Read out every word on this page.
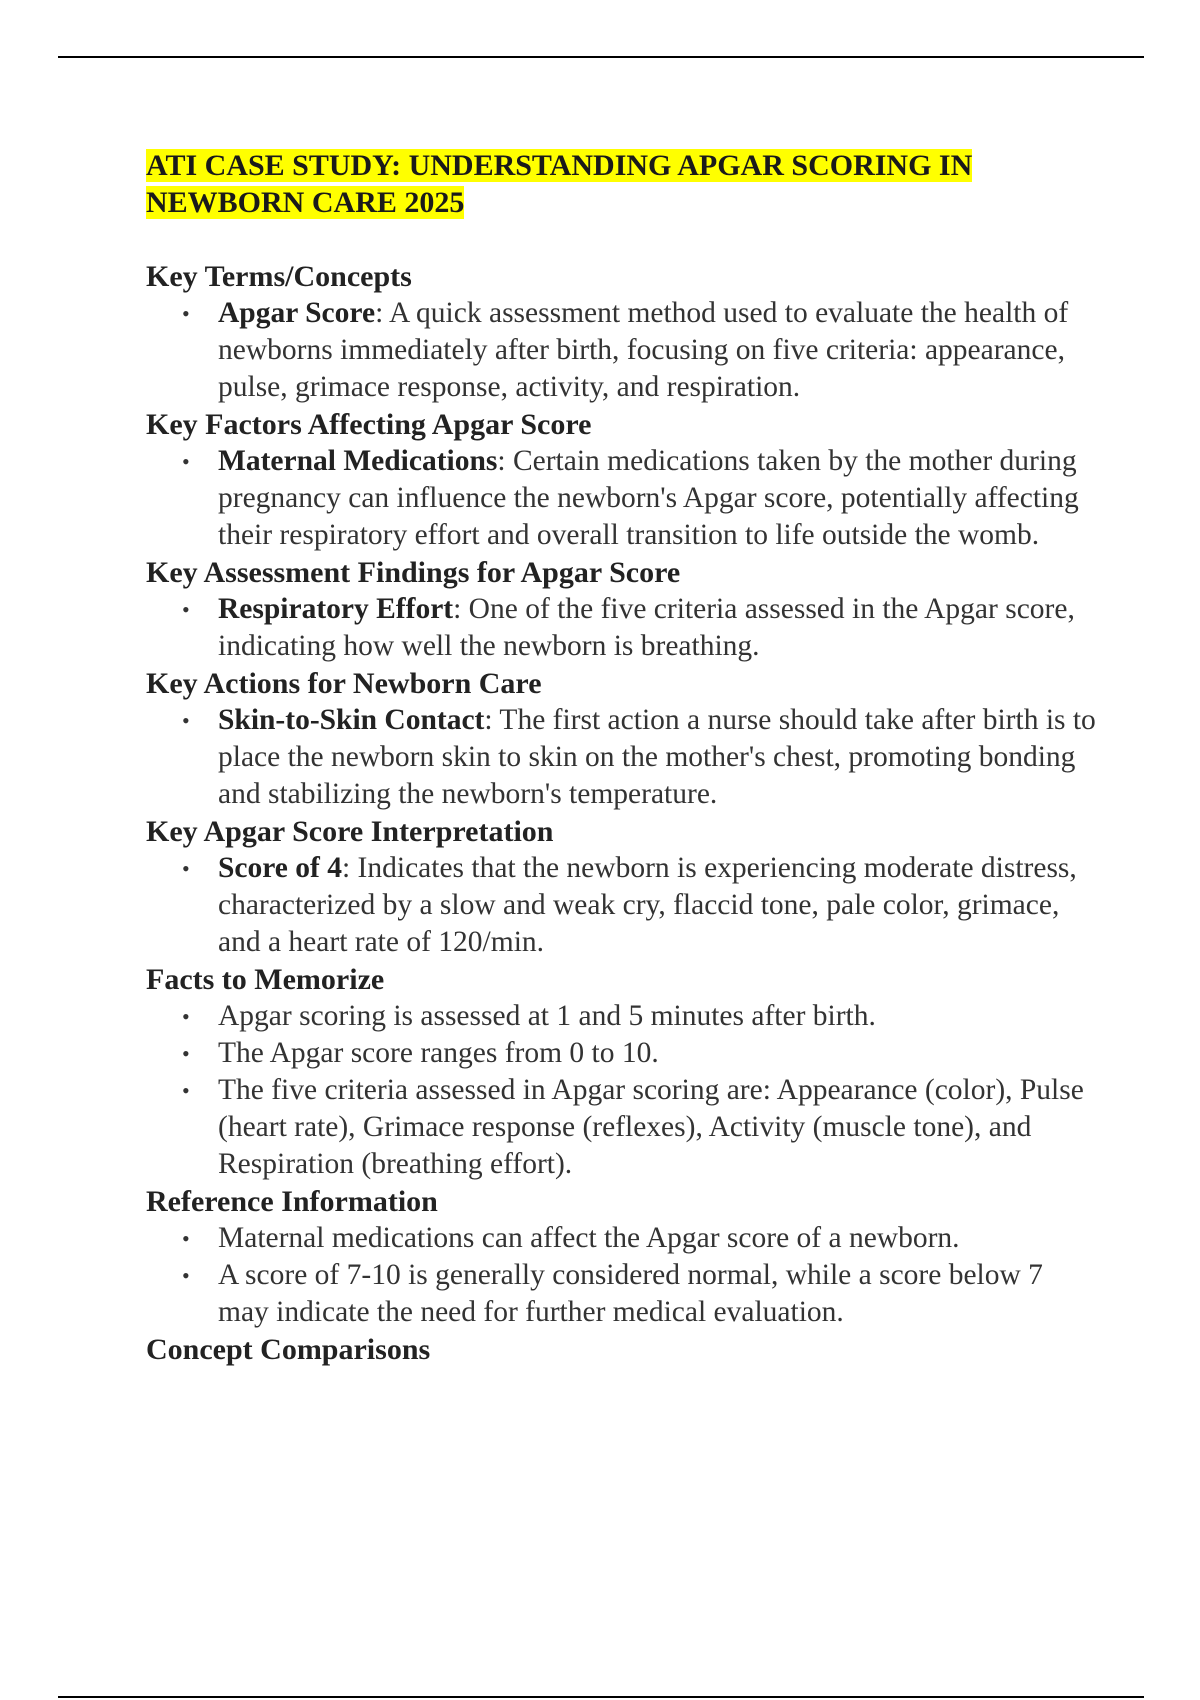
ATI CASE STUDY: UNDERSTANDING APGAR SCORING IN NEWBORN CARE 2025
Key Terms/Concepts
• Apgar Score: A quick assessment method used to evaluate the health of newborns immediately after birth, focusing on five criteria: appearance, pulse, grimace response, activity, and respiration.
Key Factors Affecting Apgar Score
• Maternal Medications: Certain medications taken by the mother during pregnancy can influence the newborn's Apgar score, potentially affecting their respiratory effort and overall transition to life outside the womb.
Key Assessment Findings for Apgar Score
• Respiratory Effort: One of the five criteria assessed in the Apgar score, indicating how well the newborn is breathing.
Key Actions for Newborn Care
• Skin-to-Skin Contact: The first action a nurse should take after birth is to place the newborn skin to skin on the mother's chest, promoting bonding and stabilizing the newborn's temperature.
Key Apgar Score Interpretation
• Score of 4: Indicates that the newborn is experiencing moderate distress, characterized by a slow and weak cry, flaccid tone, pale color, grimace, and a heart rate of 120/min.
Facts to Memorize
• Apgar scoring is assessed at 1 and 5 minutes after birth.
• The Apgar score ranges from 0 to 10.
• The five criteria assessed in Apgar scoring are: Appearance (color), Pulse (heart rate), Grimace response (reflexes), Activity (muscle tone), and Respiration (breathing effort).
Reference Information
• Maternal medications can affect the Apgar score of a newborn.
• A score of 7-10 is generally considered normal, while a score below 7 may indicate the need for further medical evaluation.
Concept Comparisons
